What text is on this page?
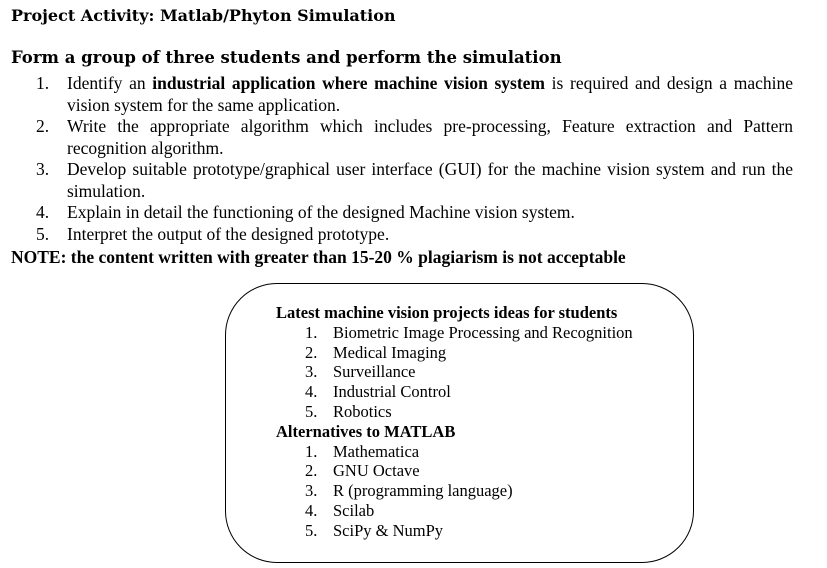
Project Activity: Matlab/Phyton Simulation
Form a group of three students and perform the simulation
1. Identify an industrial application where machine vision system is required and design a machine vision system for the same application.
2. Write the appropriate algorithm which includes pre-processing, Feature extraction and Pattern recognition algorithm.
3. Develop suitable prototype/graphical user interface (GUI) for the machine vision system and run the simulation.
4. Explain in detail the functioning of the designed Machine vision system.
5. Interpret the output of the designed prototype.
NOTE: the content written with greater than 15-20 % plagiarism is not acceptable
Latest machine vision projects ideas for students
1. Biometric Image Processing and Recognition
2. Medical Imaging
3. Surveillance
4. Industrial Control
5. Robotics
Alternatives to MATLAB
1. Mathematica
2. GNU Octave
3. R (programming language)
4. Scilab
5. SciPy & NumPy
